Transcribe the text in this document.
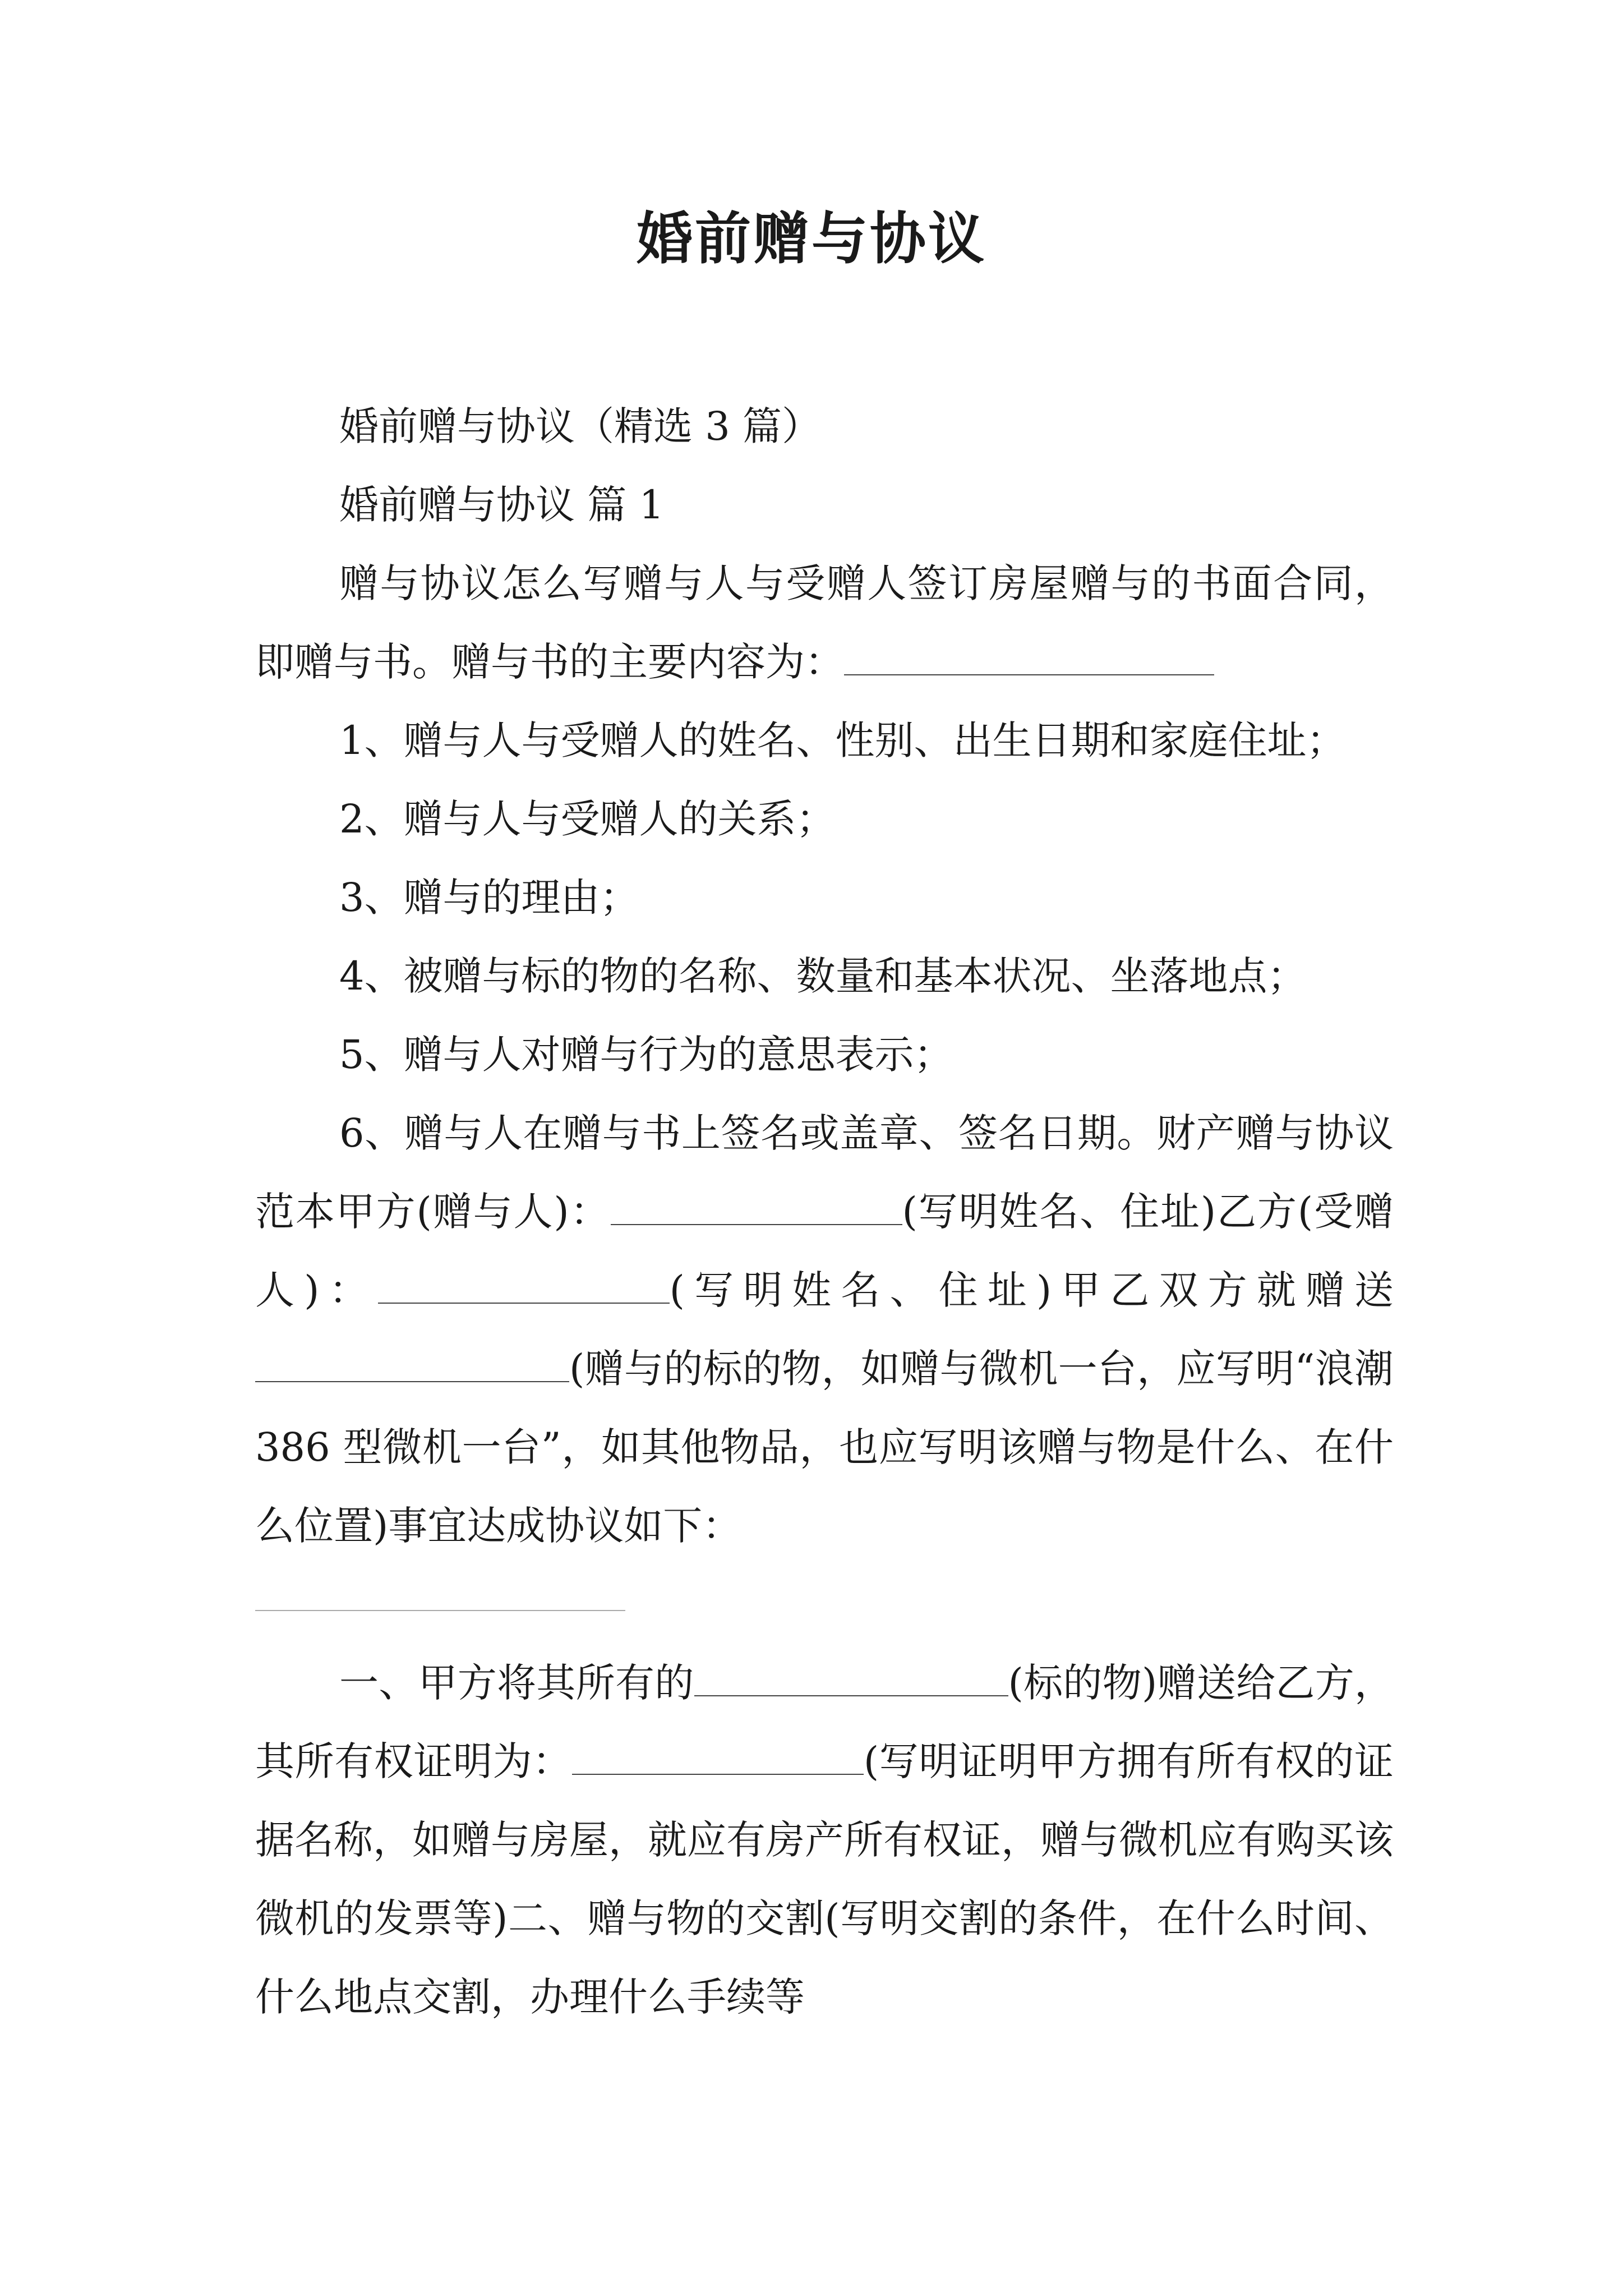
婚前赠与协议

婚前赠与协议（精选 3 篇）

婚前赠与协议 篇 1

赠与协议怎么写赠与人与受赠人签订房屋赠与的书面合同，即赠与书。赠与书的主要内容为：

1、赠与人与受赠人的姓名、性别、出生日期和家庭住址；

2、赠与人与受赠人的关系；

3、赠与的理由；

4、被赠与标的物的名称、数量和基本状况、坐落地点；

5、赠与人对赠与行为的意思表示；

6、赠与人在赠与书上签名或盖章、签名日期。财产赠与协议范本甲方(赠与人)：	(写明姓名、住址)乙方(受赠人)：	(写明姓名、住址)甲乙双方就赠送(赠与的标的物，如赠与微机一台，应写明“浪潮 386 型微机一台”，如其他物品，也应写明该赠与物是什么、在什么位置)事宜达成协议如下：

一、甲方将其所有的	(标的物)赠送给乙方，其所有权证明为：	(写明证明甲方拥有所有权的证据名称，如赠与房屋，就应有房产所有权证，赠与微机应有购买该微机的发票等)二、赠与物的交割(写明交割的条件，在什么时间、什么地点交割，办理什么手续等
